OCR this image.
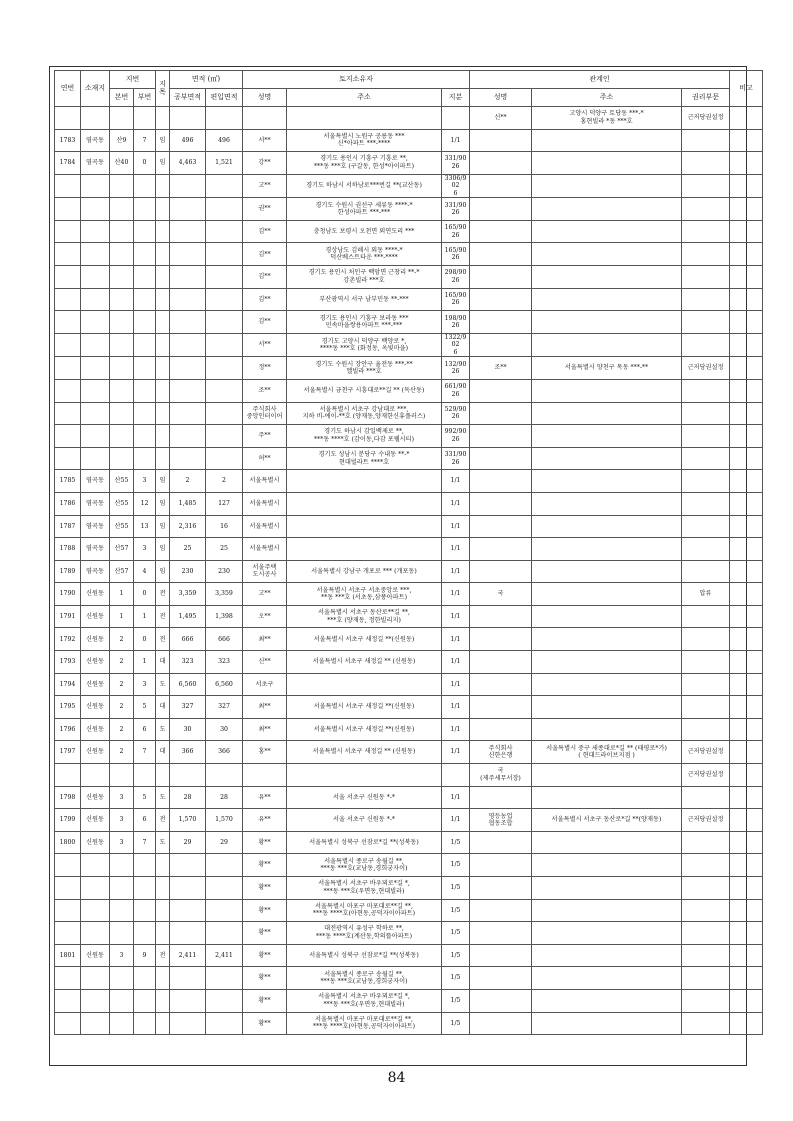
연번	소재지	지번		지목	면적 (㎡)		토지소유자			관계인			비고
		본번	부번		공부면적	편입면적	성명	주소	지분	성명	주소	권리부문	
										신**	고양시 덕양구 토당동 ***-*
홍현빌라 *동 ***호	근저당권설정	
1783	염곡동	산9	7	임	496	496	서**	서울특별시 노원구 공릉동 ***
신*아파트 ***-****	1/1				
1784	염곡동	산40	0	임	4,463	1,521	강**	경기도 용인시 기흥구 기흥로 **,
***동 ***호 (구갈동, 한성*아이파트)	331/9026				
							고**	경기도 하남시 서하남로***번길 **(교산동)	3306/902
6				
							권**	경기도 수원시 권선구 세류동 ****-*
한성아파트 ***-***	331/9026				
							김**	충청남도 보령시 오천면 외연도리 ***	165/9026				
							김**	경상남도 김해시 외동 ****-*
덕산베스트타운 ***-****	165/9026				
							김**	경기도 용인시 처인구 백암면 근창리 **-*
강촌빌라 ***호	298/9026				
							김**	부산광역시 서구 남부민동 **-***	165/9026				
							김**	경기도 용인시 기흥구 보라동 ***
민속마을쌍용아파트 ***-***	198/9026				
							서**	경기도 고양시 덕양구 백양로 *,
****동 ***호 (화정동, 옥빛마을)	1322/902
6				
							정**	경기도 수원시 장안구 율전동 ***-**
엘빌라 ***호	132/9026	조**	서울특별시 양천구 목동 ***-**	근저당권설정	
							조**	서울특별시 금천구 시흥대로**길 ** (독산동)	661/9026				
							주식회사
중앙인터이어	서울특별시 서초구 강남대로 ***,
지하 비-에이-**호 (양재동,양재한신휴플러스)	529/9026				
							주**	경기도 하남시 감일백제로 **,
***동 ****호 (감이동,다감 포웰시티)	992/9026				
							허**	경기도 성남시 분당구 수내동 **-*
현대빌라트 ****호	331/9026				
1785	염곡동	산55	3	임	2	2	서울특별시		1/1				
1786	염곡동	산55	12	임	1,485	127	서울특별시		1/1				
1787	염곡동	산55	13	임	2,316	16	서울특별시		1/1				
1788	염곡동	산57	3	임	25	25	서울특별시		1/1				
1789	염곡동	산57	4	임	230	230	서울주택
도시공사	서울특별시 강남구 개포로 *** (개포동)	1/1				
1790	신원동	1	0	전	3,359	3,359	고**	서울특별시 서초구 서초중앙로 ***,
**동 ***호 (서초동,삼풍아파트)	1/1	국		압류	
1791	신원동	1	1	전	1,495	1,398	오**	서울특별시 서초구 동산로**길 **,
***호 (양재동, 정한빌리지)	1/1				
1792	신원동	2	0	전	666	666	최**	서울특별시 서초구 새정길 **(신원동)	1/1				
1793	신원동	2	1	대	323	323	신**	서울특별시 서초구 새정길 ** (신원동)	1/1				
1794	신원동	2	3	도	6,560	6,560	서초구		1/1				
1795	신원동	2	5	대	327	327	최**	서울특별시 서초구 새정길 **(신원동)	1/1				
1796	신원동	2	6	도	30	30	최**	서울특별시 서초구 새정길 **(신원동)	1/1				
1797	신원동	2	7	대	366	366	홍**	서울특별시 서초구 새정길 ** (신원동)	1/1	주식회사
신한은행	서울특별시 중구 세종대로*길 ** (태평로*가)
( 현대드라이브지점 )	근저당권설정	
										국
(제주세무서장)		근저당권설정	
1798	신원동	3	5	도	28	28	유**	서울 서초구 신원동 *-*	1/1				
1799	신원동	3	6	전	1,570	1,570	유**	서울 서초구 신원동 *-*	1/1	영등농업
협동조합	서울특별시 서초구 동산로*길 **(양재동)	근저당권설정	
1800	신원동	3	7	도	29	29	황**	서울특별시 성북구 선잠로*길 **(성북동)	1/5				
							황**	서울특별시 종로구 송월길 **,
***동 ***호(교남동,경희궁자이)	1/5				
							황**	서울특별시 서초구 바우뫼로*길 *,
***동 ***호(우면동,현대빌라)	1/5				
							황**	서울특별시 마포구 마포대로**길 **,
***동 ****호(아현동,공덕자이아파트)	1/5				
							황**	대전광역시 유성구 학하로 **,
***동 ****호(계산동,학의뜰아파트)	1/5				
1801	신원동	3	9	전	2,411	2,411	황**	서울특별시 성북구 선잠로*길 **(성북동)	1/5				
							황**	서울특별시 종로구 송월길 **,
***동 ***호(교남동,경희궁자이)	1/5				
							황**	서울특별시 서초구 바우뫼로*길 *,
***동 ***호(우면동,현대빌라)	1/5				
							황**	서울특별시 마포구 마포대로**길 **,
***동 ****호(아현동,공덕자이아파트)	1/5				
84
